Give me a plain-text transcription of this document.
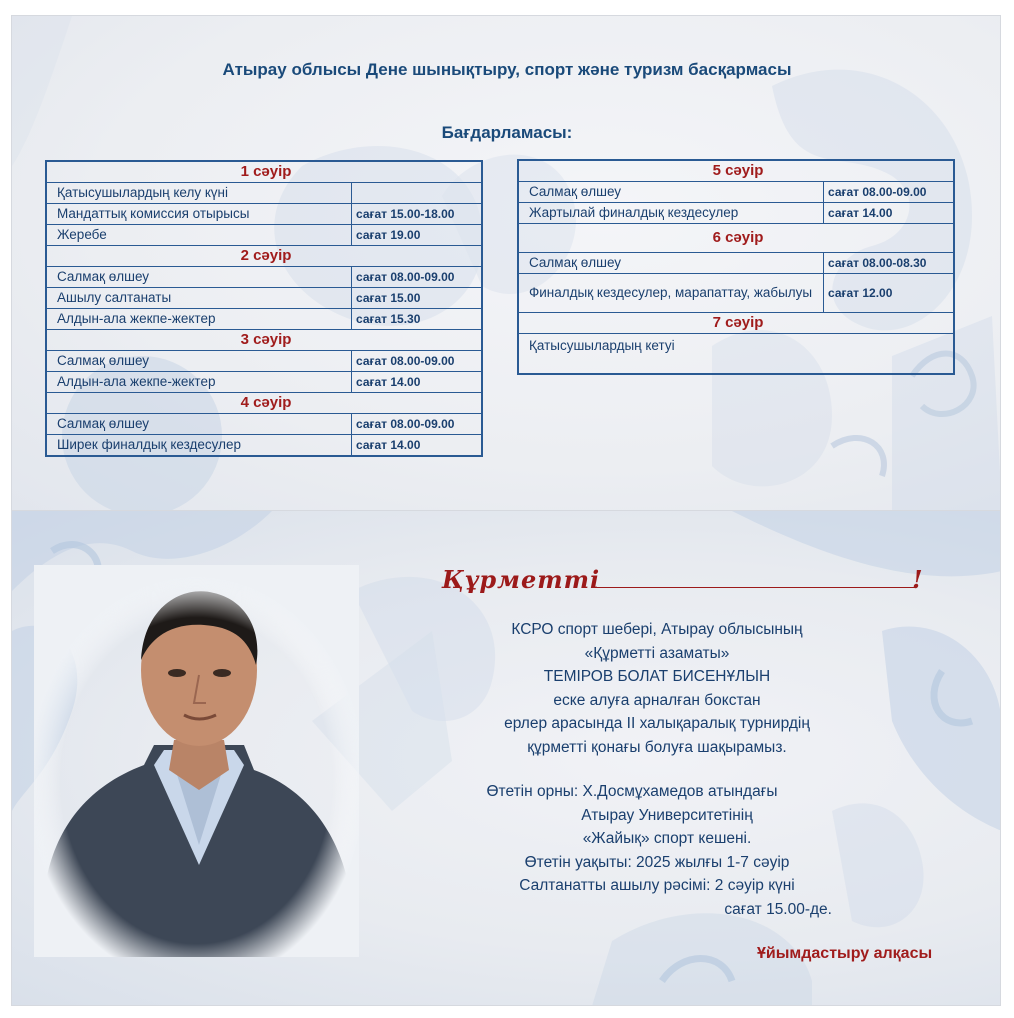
Атырау облысы Дене шынықтыру, спорт және туризм басқармасы
Бағдарламасы:
1 сәуір	
Қатысушылардың келу күні	
Мандаттық комиссия отырысы	сағат 15.00-18.00
Жеребе	сағат 19.00
2 сәуір	
Салмақ өлшеу	сағат 08.00-09.00
Ашылу салтанаты	сағат 15.00
Алдын-ала жекпе-жектер	сағат 15.30
3 сәуір	
Салмақ өлшеу	сағат 08.00-09.00
Алдын-ала жекпе-жектер	сағат 14.00
4 сәуір	
Салмақ өлшеу	сағат 08.00-09.00
Ширек финалдық кездесулер	сағат 14.00
5 сәуір	
Салмақ өлшеу	сағат 08.00-09.00
Жартылай финалдық кездесулер	сағат 14.00
6 сәуір	
Салмақ өлшеу	сағат 08.00-08.30
Финалдық кездесулер, марапаттау, жабылуы	сағат 12.00
7 сәуір	
Қатысушылардың кетуі	
Құрметті	!
КСРО спорт шебері, Атырау облысының
«Құрметті азаматы»
ТЕМІРОВ БОЛАТ БИСЕНҰЛЫН
еске алуға арналған бокстан
ерлер арасында ІІ халықаралық турнирдің
құрметті қонағы болуға шақырамыз.
Өтетін орны: Х.Досмұхамедов атындағы
Атырау Университетінің
«Жайық» спорт кешені.
Өтетін уақыты: 2025 жылғы 1-7 сәуір
Салтанатты ашылу рәсімі: 2 сәуір күні
сағат 15.00-де.
Ұйымдастыру алқасы
